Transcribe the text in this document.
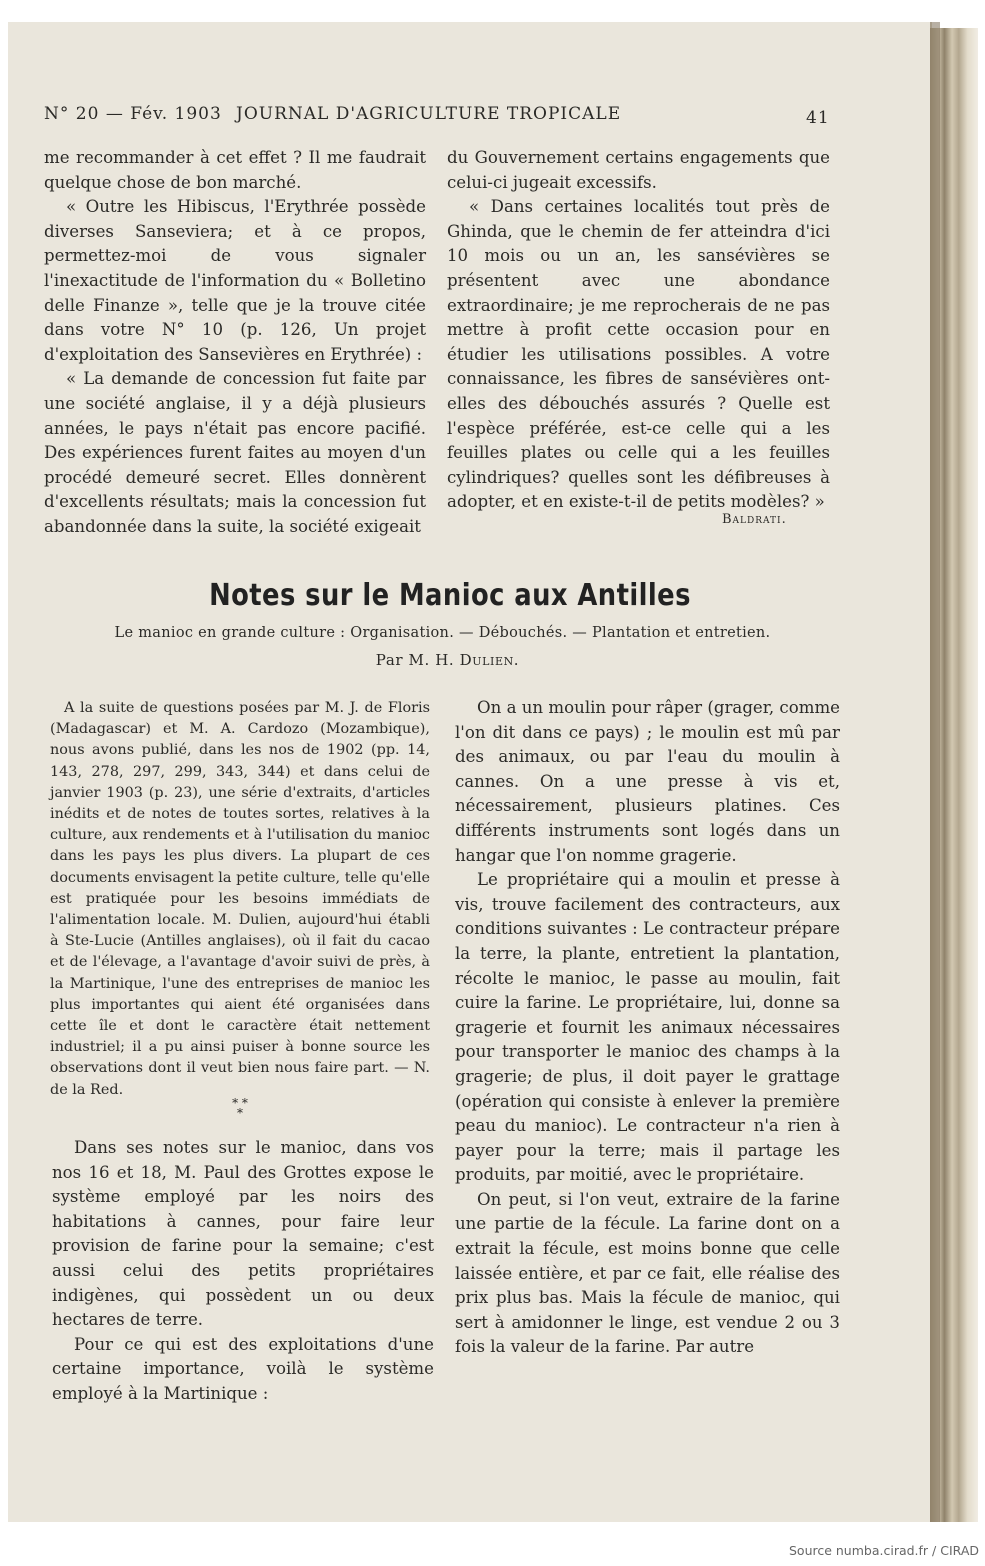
N° 20 — Fév. 1903 JOURNAL D'AGRICULTURE TROPICALE	41

me recommander à cet effet ? Il me faudrait quelque chose de bon marché.

« Outre les Hibiscus, l'Erythrée possède diverses Sanseviera; et à ce propos, permettez-moi de vous signaler l'inexactitude de l'information du « Bolletino delle Finanze », telle que je la trouve citée dans votre N° 10 (p. 126, Un projet d'exploitation des Sansevières en Erythrée) :

« La demande de concession fut faite par une société anglaise, il y a déjà plusieurs années, le pays n'était pas encore pacifié. Des expériences furent faites au moyen d'un procédé demeuré secret. Elles donnèrent d'excellents résultats; mais la concession fut abandonnée dans la suite, la société exigeait

du Gouvernement certains engagements que celui-ci jugeait excessifs.

« Dans certaines localités tout près de Ghinda, que le chemin de fer atteindra d'ici 10 mois ou un an, les sansévières se présentent avec une abondance extraordinaire; je me reprocherais de ne pas mettre à profit cette occasion pour en étudier les utilisations possibles. A votre connaissance, les fibres de sansévières ont-elles des débouchés assurés ? Quelle est l'espèce préférée, est-ce celle qui a les feuilles plates ou celle qui a les feuilles cylindriques? quelles sont les défibreuses à adopter, et en existe-t-il de petits modèles? »

Baldrati.
Notes sur le Manioc aux Antilles
Le manioc en grande culture : Organisation. — Débouchés. — Plantation et entretien.
Par M. H. Dulien.
A la suite de questions posées par M. J. de Floris (Madagascar) et M. A. Cardozo (Mozambique), nous avons publié, dans les nos de 1902 (pp. 14, 143, 278, 297, 299, 343, 344) et dans celui de janvier 1903 (p. 23), une série d'extraits, d'articles inédits et de notes de toutes sortes, relatives à la culture, aux rendements et à l'utilisation du manioc dans les pays les plus divers. La plupart de ces documents envisagent la petite culture, telle qu'elle est pratiquée pour les besoins immédiats de l'alimentation locale. M. Dulien, aujourd'hui établi à Ste-Lucie (Antilles anglaises), où il fait du cacao et de l'élevage, a l'avantage d'avoir suivi de près, à la Martinique, l'une des entreprises de manioc les plus importantes qui aient été organisées dans cette île et dont le caractère était nettement industriel; il a pu ainsi puiser à bonne source les observations dont il veut bien nous faire part. — N. de la Red.
* * *

Dans ses notes sur le manioc, dans vos nos 16 et 18, M. Paul des Grottes expose le système employé par les noirs des habitations à cannes, pour faire leur provision de farine pour la semaine; c'est aussi celui des petits propriétaires indigènes, qui possèdent un ou deux hectares de terre.

Pour ce qui est des exploitations d'une certaine importance, voilà le système employé à la Martinique :

On a un moulin pour râper (grager, comme l'on dit dans ce pays) ; le moulin est mû par des animaux, ou par l'eau du moulin à cannes. On a une presse à vis et, nécessairement, plusieurs platines. Ces différents instruments sont logés dans un hangar que l'on nomme gragerie.

Le propriétaire qui a moulin et presse à vis, trouve facilement des contracteurs, aux conditions suivantes : Le contracteur prépare la terre, la plante, entretient la plantation, récolte le manioc, le passe au moulin, fait cuire la farine. Le propriétaire, lui, donne sa gragerie et fournit les animaux nécessaires pour transporter le manioc des champs à la gragerie; de plus, il doit payer le grattage (opération qui consiste à enlever la première peau du manioc). Le contracteur n'a rien à payer pour la terre; mais il partage les produits, par moitié, avec le propriétaire.

On peut, si l'on veut, extraire de la farine une partie de la fécule. La farine dont on a extrait la fécule, est moins bonne que celle laissée entière, et par ce fait, elle réalise des prix plus bas. Mais la fécule de manioc, qui sert à amidonner le linge, est vendue 2 ou 3 fois la valeur de la farine. Par autre

Source numba.cirad.fr / CIRAD
